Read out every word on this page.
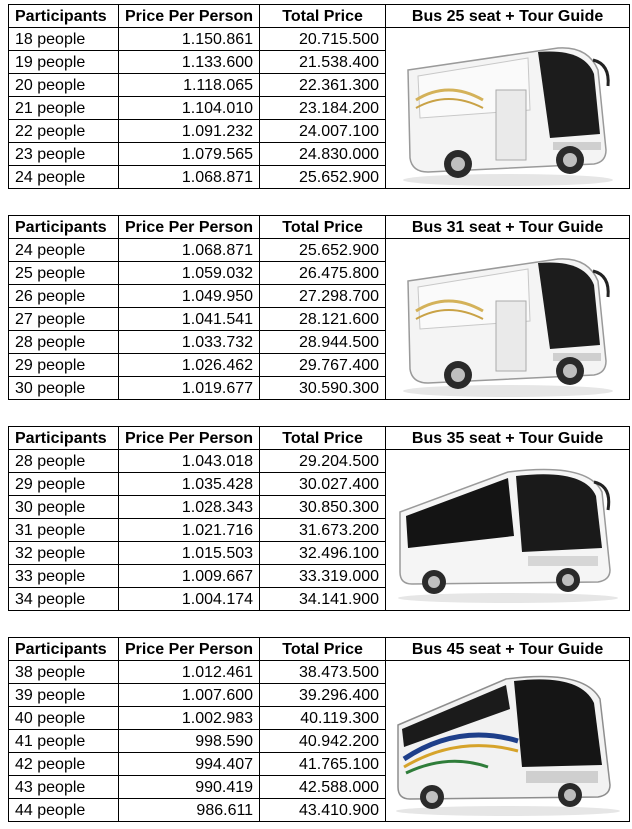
Participants	Price Per Person	Total Price	Bus 25 seat + Tour Guide
18 people	1.150.861	20.715.500	
19 people	1.133.600	21.538.400	
20 people	1.118.065	22.361.300	
21 people	1.104.010	23.184.200	
22 people	1.091.232	24.007.100	
23 people	1.079.565	24.830.000	
24 people	1.068.871	25.652.900	
Participants	Price Per Person	Total Price	Bus 31 seat + Tour Guide
24 people	1.068.871	25.652.900	
25 people	1.059.032	26.475.800	
26 people	1.049.950	27.298.700	
27 people	1.041.541	28.121.600	
28 people	1.033.732	28.944.500	
29 people	1.026.462	29.767.400	
30 people	1.019.677	30.590.300	
Participants	Price Per Person	Total Price	Bus 35 seat + Tour Guide
28 people	1.043.018	29.204.500	
29 people	1.035.428	30.027.400	
30 people	1.028.343	30.850.300	
31 people	1.021.716	31.673.200	
32 people	1.015.503	32.496.100	
33 people	1.009.667	33.319.000	
34 people	1.004.174	34.141.900	
Participants	Price Per Person	Total Price	Bus 45 seat + Tour Guide
38 people	1.012.461	38.473.500	
39 people	1.007.600	39.296.400	
40 people	1.002.983	40.119.300	
41 people	998.590	40.942.200	
42 people	994.407	41.765.100	
43 people	990.419	42.588.000	
44 people	986.611	43.410.900	
